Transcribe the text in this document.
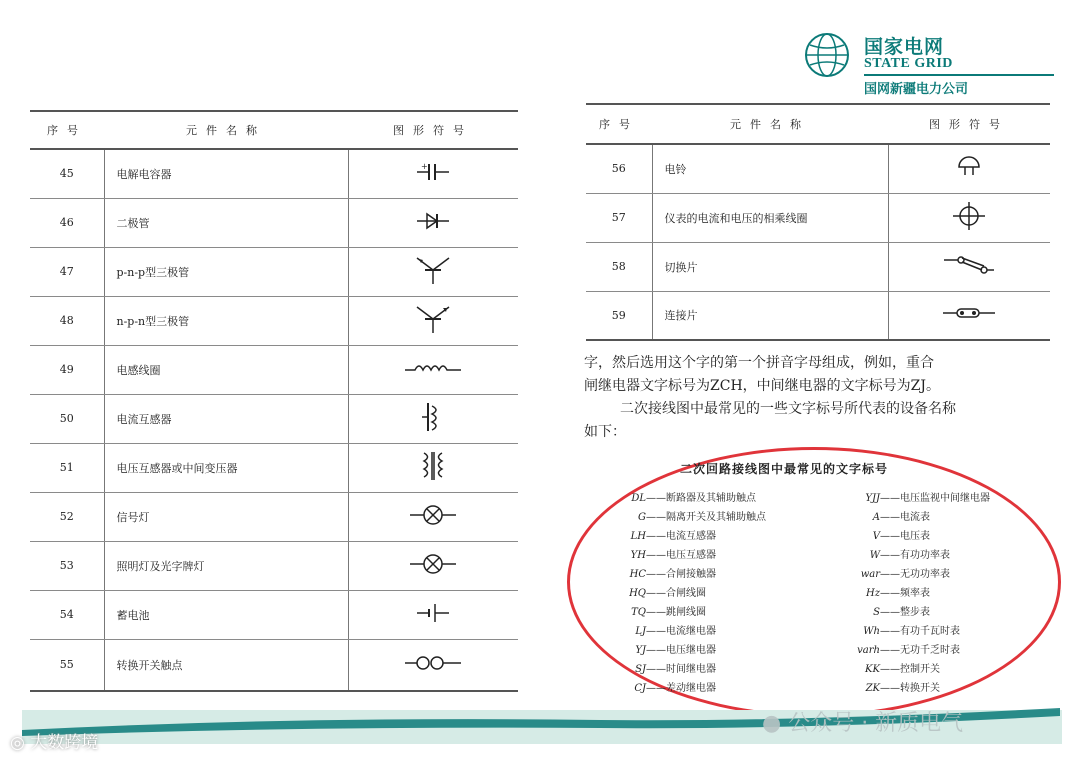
国家电网
STATE GRID
国网新疆电力公司
序号	元件名称	图形符号
45	电解电容器	+

46	二极管	
47	p-n-p型三极管	
48	n-p-n型三极管	
49	电感线圈	
50	电流互感器	
51	电压互感器或中间变压器	
52	信号灯	
53	照明灯及光字牌灯	
54	蓄电池	
55	转换开关触点	
序号	元件名称	图形符号
56	电铃	
57	仪表的电流和电压的相乘线圈	
58	切换片	
59	连接片	
字，然后选用这个字的第一个拼音字母组成，例如，重合
闸继电器文字标号为ZCH，中间继电器的文字标号为ZJ。
二次接线图中最常见的一些文字标号所代表的设备名称
如下：
二次回路接线图中最常见的文字标号
DL——断路器及其辅助触点
G——隔离开关及其辅助触点
LH——电流互感器
YH——电压互感器
HC——合闸接触器
HQ——合闸线圈
TQ——跳闸线圈
LJ——电流继电器
YJ——电压继电器
SJ——时间继电器
CJ——差动继电器
YJJ——电压监视中间继电器
A——电流表
V——电压表
W——有功功率表
war——无功功率表
Hz——频率表
S——整步表
Wh——有功千瓦时表
varh——无功千乏时表
KK——控制开关
ZK——转换开关
◎ 大数跨境
● 公众号 · 新质电气
